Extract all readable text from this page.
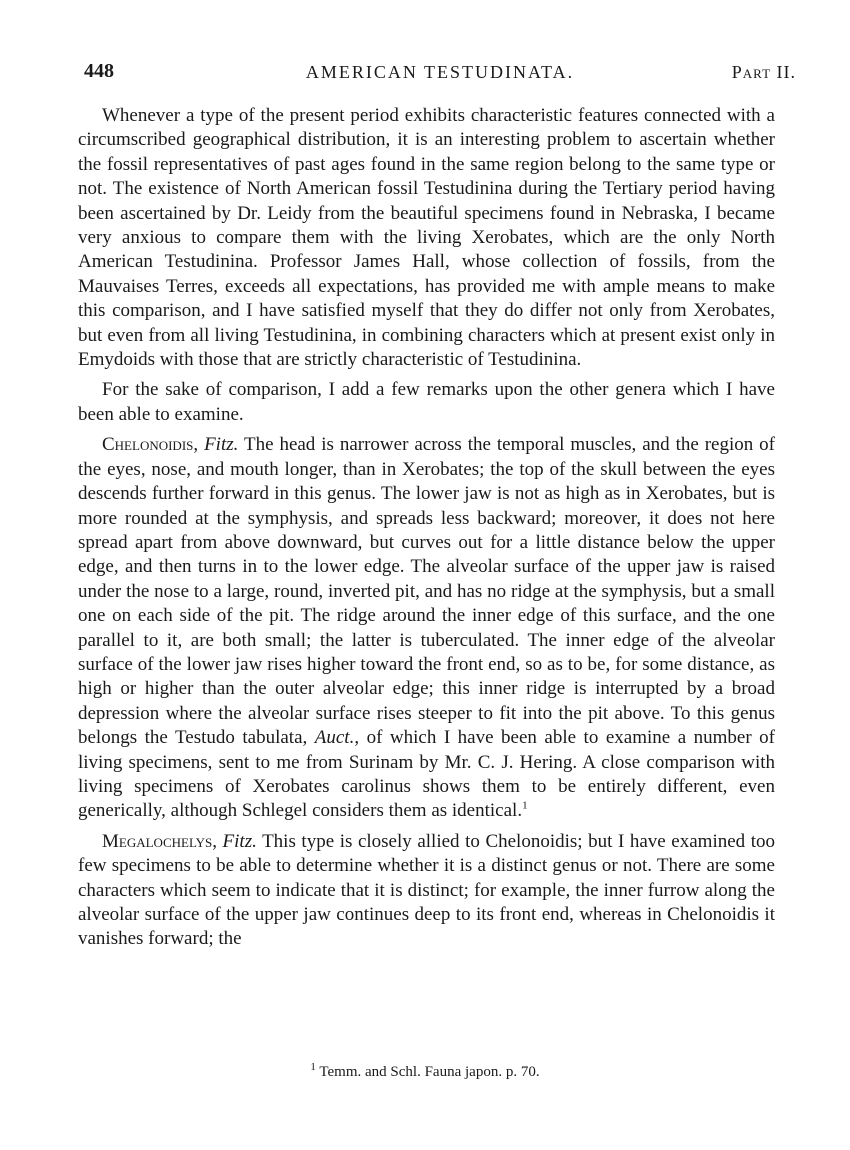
448	AMERICAN TESTUDINATA.	Part II.

Whenever a type of the present period exhibits characteristic features connected with a circumscribed geographical distribution, it is an interesting problem to ascertain whether the fossil representatives of past ages found in the same region belong to the same type or not. The existence of North American fossil Testudinina during the Tertiary period having been ascertained by Dr. Leidy from the beautiful specimens found in Nebraska, I became very anxious to compare them with the living Xerobates, which are the only North American Testudinina. Professor James Hall, whose collection of fossils, from the Mauvaises Terres, exceeds all expectations, has provided me with ample means to make this comparison, and I have satisfied myself that they do differ not only from Xerobates, but even from all living Testudinina, in combining characters which at present exist only in Emydoids with those that are strictly characteristic of Testudinina.

For the sake of comparison, I add a few remarks upon the other genera which I have been able to examine.

Chelonoidis, Fitz. The head is narrower across the temporal muscles, and the region of the eyes, nose, and mouth longer, than in Xerobates; the top of the skull between the eyes descends further forward in this genus. The lower jaw is not as high as in Xerobates, but is more rounded at the symphysis, and spreads less backward; moreover, it does not here spread apart from above downward, but curves out for a little distance below the upper edge, and then turns in to the lower edge. The alveolar surface of the upper jaw is raised under the nose to a large, round, inverted pit, and has no ridge at the symphysis, but a small one on each side of the pit. The ridge around the inner edge of this surface, and the one parallel to it, are both small; the latter is tuberculated. The inner edge of the alveolar surface of the lower jaw rises higher toward the front end, so as to be, for some distance, as high or higher than the outer alveolar edge; this inner ridge is interrupted by a broad depression where the alveolar surface rises steeper to fit into the pit above. To this genus belongs the Testudo tabulata, Auct., of which I have been able to examine a number of living specimens, sent to me from Surinam by Mr. C. J. Hering. A close comparison with living specimens of Xerobates carolinus shows them to be entirely different, even generically, although Schlegel considers them as identical.$^1$

Megalochelys, Fitz. This type is closely allied to Chelonoidis; but I have examined too few specimens to be able to determine whether it is a distinct genus or not. There are some characters which seem to indicate that it is distinct; for example, the inner furrow along the alveolar surface of the upper jaw continues deep to its front end, whereas in Chelonoidis it vanishes forward; the

$^1$ Temm. and Schl. Fauna japon. p. 70.
